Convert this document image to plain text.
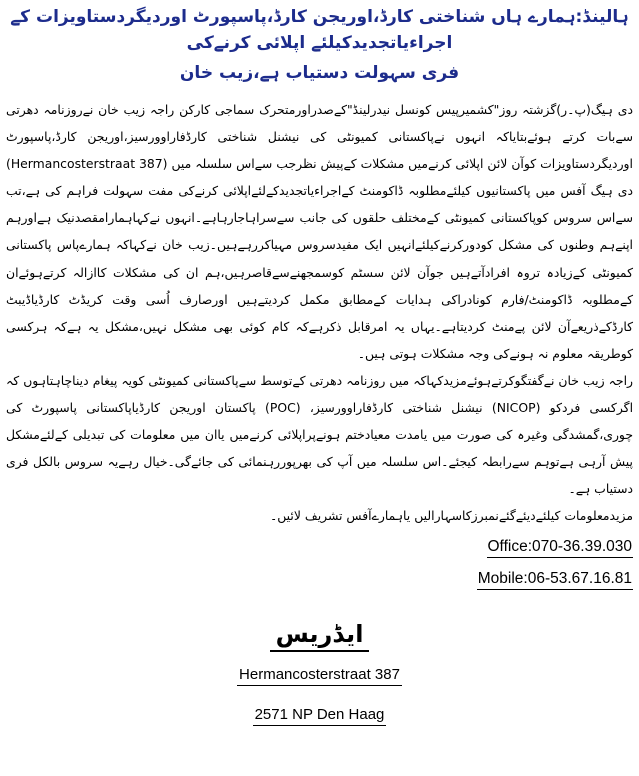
ہالینڈ:ہمارے ہاں شناختی کارڈ،اوریجن کارڈ،پاسپورٹ اوردیگردستاویزات کے اجراءیاتجدیدکیلئے اپلائی کرنےکی
فری سہولت دستیاب ہے،زیب خان

دی ہیگ(پ۔ر)گزشتہ روز"کشمیرپیس کونسل نیدرلینڈ"کےصدراورمتحرک سماجی کارکن راجہ زیب خان نےروزنامہ دھرتی سےبات کرتے ہوئےبتایاکہ انہوں نےپاکستانی کمیونٹی کی نیشنل شناختی کارڈفاراوورسیز،اوریجن کارڈ،پاسپورٹ اوردیگردستاویزات کوآن لائن اپلائی کرنےمیں مشکلات کےپیش نظرجب سےاس سلسلہ میں (Hermancosterstraat 387) دی ہیگ آفس میں پاکستانیوں کیلئےمطلوبہ ڈاکومنٹ کےاجراءیاتجدیدکےلئےاپلائی کرنےکی مفت سہولت فراہم کی ہے،تب سےاس سروس کوپاکستانی کمیونٹی کےمختلف حلقوں کی جانب سےسراہاجارہاہے۔انہوں نےکہاہمارامقصدنیک ہےاورہم اپنےہم وطنوں کی مشکل کودورکرنےکیلئےانہیں ایک مفیدسروس مہیاکررہےہیں۔زیب خان نےکہاکہ ہمارےپاس پاکستانی کمیونٹی کےزیادہ تروہ افرادآتےہیں جوآن لائن سسٹم کوسمجھنےسےقاصرہیں،ہم ان کی مشکلات کاازالہ کرتےہوئےان کےمطلوبہ ڈاکومنٹ/فارم کونادراکی ہدایات کےمطابق مکمل کردیتےہیں اورصارف اُسی وقت کریڈٹ کارڈیاڈیبٹ کارڈکےذریعےآن لائن پےمنٹ کردیتاہے۔یہاں یہ امرقابل ذکرہےکہ کام کوئی بھی مشکل نہیں،مشکل یہ ہےکہ ہرکسی کوطریقہ معلوم نہ ہونےکی وجہ مشکلات ہوتی ہیں۔

راجہ زیب خان نےگفتگوکرتےہوئےمزیدکہاکہ میں روزنامہ دھرتی کےتوسط سےپاکستانی کمیونٹی کویہ پیغام دیناچاہتاہوں کہ اگرکسی فردکو (NICOP) نیشنل شناختی کارڈفاراوورسیز، (POC) پاکستان اوریجن کارڈیاپاکستانی پاسپورٹ کی چوری،گمشدگی وغیرہ کی صورت میں یامدت معیادختم ہونےپراپلائی کرنےمیں یاان میں معلومات کی تبدیلی کےلئےمشکل پیش آرہی ہےتوہم سےرابطہ کیجئے۔اس سلسلہ میں آپ کی بھرپوررہنمائی کی جائےگی۔خیال رہےیہ سروس بالکل فری دستیاب ہے۔

مزیدمعلومات کیلئےدیئےگئےنمبرزکاسہارالیں یاہمارےآفس تشریف لائیں۔

Office:070-36.39.030
Mobile:06-53.67.16.81
ایڈریس
Hermancosterstraat 387
2571 NP Den Haag
